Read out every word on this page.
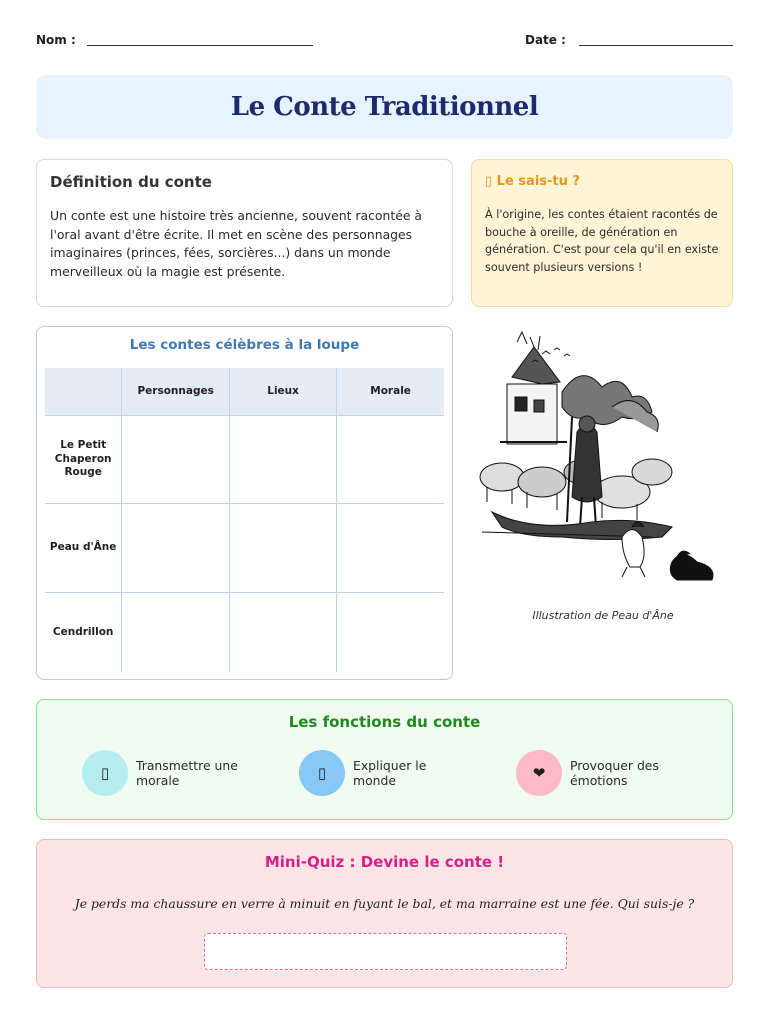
Nom :	Date :
Le Conte Traditionnel
Définition du conte

Un conte est une histoire très ancienne, souvent racontée à l'oral avant d'être écrite. Il met en scène des personnages imaginaires (princes, fées, sorcières...) dans un monde merveilleux où la magie est présente.

▯ Le sais-tu ?

À l'origine, les contes étaient racontés de bouche à oreille, de génération en génération. C'est pour cela qu'il en existe souvent plusieurs versions !

Les contes célèbres à la loupe
	Personnages	Lieux	Morale
Le Petit Chaperon Rouge			
Peau d'Âne			
Cendrillon			
Illustration de Peau d'Âne
Les fonctions du conte
▯	Transmettre une morale	▯	Expliquer le monde	❤	Provoquer des émotions
Mini-Quiz : Devine le conte !
Je perds ma chaussure en verre à minuit en fuyant le bal, et ma marraine est une fée. Qui suis-je ?
